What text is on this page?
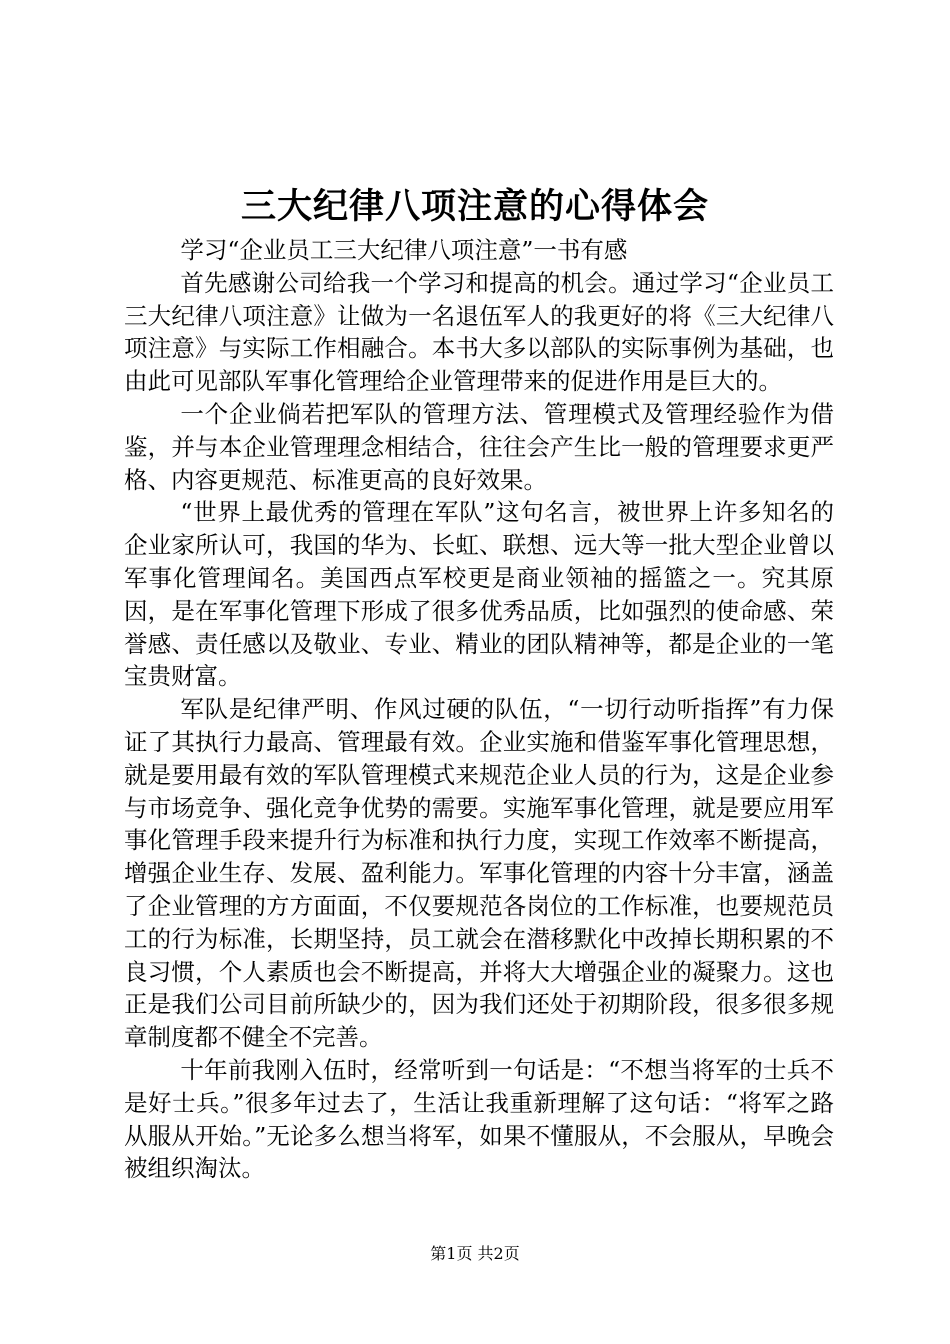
三大纪律八项注意的心得体会

学习“企业员工三大纪律八项注意”一书有感

首先感谢公司给我一个学习和提高的机会。通过学习“企业员工三大纪律八项注意》让做为一名退伍军人的我更好的将《三大纪律八项注意》与实际工作相融合。本书大多以部队的实际事例为基础，也由此可见部队军事化管理给企业管理带来的促进作用是巨大的。

一个企业倘若把军队的管理方法、管理模式及管理经验作为借鉴，并与本企业管理理念相结合，往往会产生比一般的管理要求更严格、内容更规范、标准更高的良好效果。

“世界上最优秀的管理在军队”这句名言，被世界上许多知名的企业家所认可，我国的华为、长虹、联想、远大等一批大型企业曾以军事化管理闻名。美国西点军校更是商业领袖的摇篮之一。究其原因，是在军事化管理下形成了很多优秀品质，比如强烈的使命感、荣誉感、责任感以及敬业、专业、精业的团队精神等，都是企业的一笔宝贵财富。

军队是纪律严明、作风过硬的队伍，“一切行动听指挥”有力保证了其执行力最高、管理最有效。企业实施和借鉴军事化管理思想，就是要用最有效的军队管理模式来规范企业人员的行为，这是企业参与市场竞争、强化竞争优势的需要。实施军事化管理，就是要应用军事化管理手段来提升行为标准和执行力度，实现工作效率不断提高，增强企业生存、发展、盈利能力。军事化管理的内容十分丰富，涵盖了企业管理的方方面面，不仅要规范各岗位的工作标准，也要规范员工的行为标准，长期坚持，员工就会在潜移默化中改掉长期积累的不良习惯，个人素质也会不断提高，并将大大增强企业的凝聚力。这也正是我们公司目前所缺少的，因为我们还处于初期阶段，很多很多规章制度都不健全不完善。

十年前我刚入伍时，经常听到一句话是：“不想当将军的士兵不是好士兵。”很多年过去了，生活让我重新理解了这句话：“将军之路从服从开始。”无论多么想当将军，如果不懂服从，不会服从，早晚会被组织淘汰。

第1页 共2页
